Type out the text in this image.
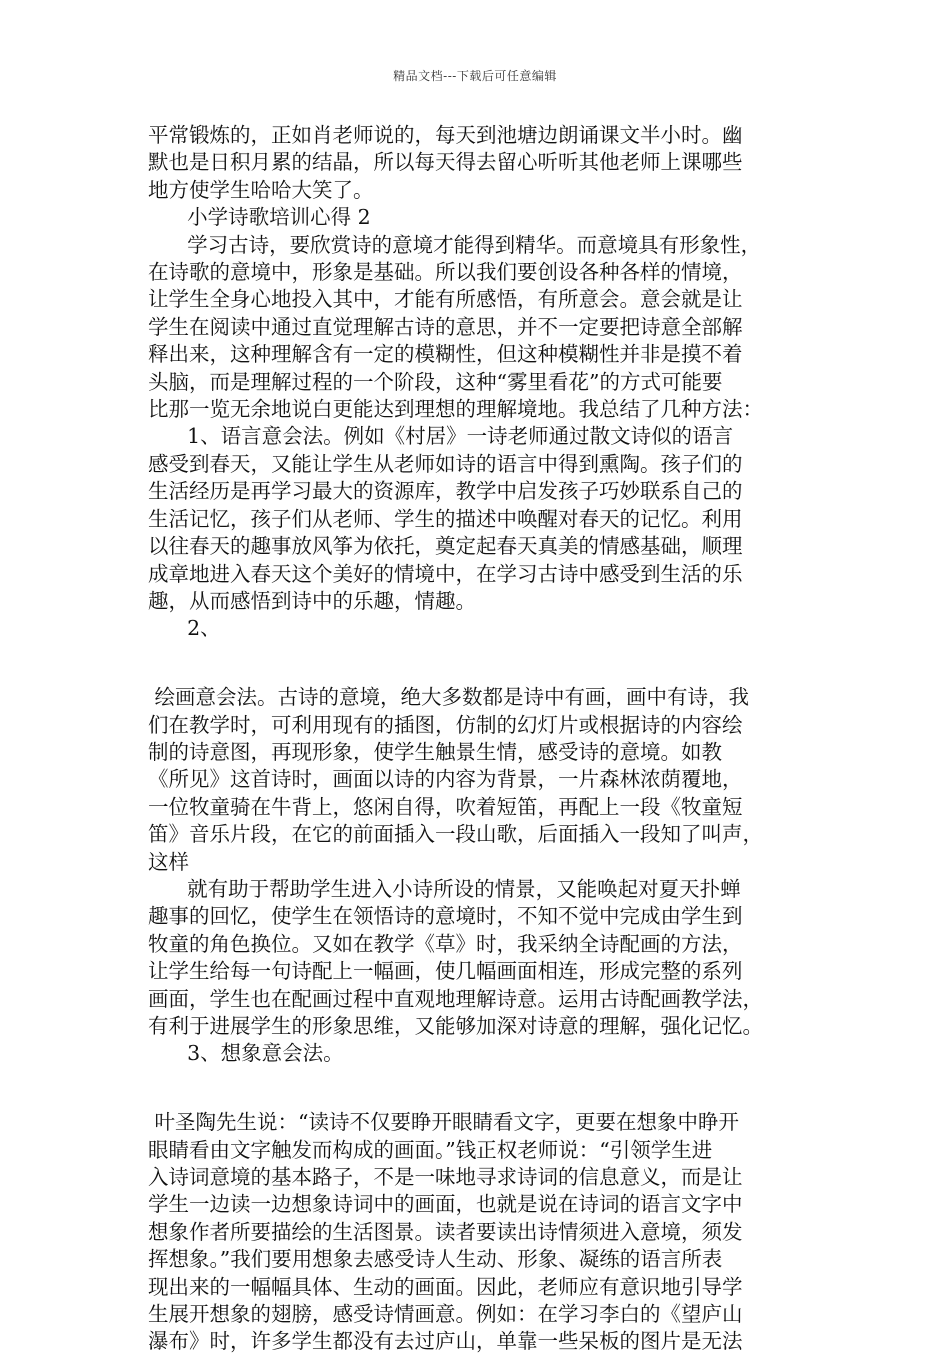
精品文档---下载后可任意编辑

平常锻炼的，正如肖老师说的，每天到池塘边朗诵课文半小时。幽

默也是日积月累的结晶，所以每天得去留心听听其他老师上课哪些

地方使学生哈哈大笑了。

小学诗歌培训心得 2

学习古诗，要欣赏诗的意境才能得到精华。而意境具有形象性，

在诗歌的意境中，形象是基础。所以我们要创设各种各样的情境，

让学生全身心地投入其中，才能有所感悟，有所意会。意会就是让

学生在阅读中通过直觉理解古诗的意思，并不一定要把诗意全部解

释出来，这种理解含有一定的模糊性，但这种模糊性并非是摸不着

头脑，而是理解过程的一个阶段，这种“雾里看花”的方式可能要

比那一览无余地说白更能达到理想的理解境地。我总结了几种方法：

1、语言意会法。例如《村居》一诗老师通过散文诗似的语言

感受到春天，又能让学生从老师如诗的语言中得到熏陶。孩子们的

生活经历是再学习最大的资源库，教学中启发孩子巧妙联系自己的

生活记忆，孩子们从老师、学生的描述中唤醒对春天的记忆。利用

以往春天的趣事放风筝为依托，奠定起春天真美的情感基础，顺理

成章地进入春天这个美好的情境中，在学习古诗中感受到生活的乐

趣，从而感悟到诗中的乐趣，情趣。

2、

绘画意会法。古诗的意境，绝大多数都是诗中有画，画中有诗，我

们在教学时，可利用现有的插图，仿制的幻灯片或根据诗的内容绘

制的诗意图，再现形象，使学生触景生情，感受诗的意境。如教

《所见》这首诗时，画面以诗的内容为背景，一片森林浓荫覆地，

一位牧童骑在牛背上，悠闲自得，吹着短笛，再配上一段《牧童短

笛》音乐片段，在它的前面插入一段山歌，后面插入一段知了叫声，

这样

就有助于帮助学生进入小诗所设的情景，又能唤起对夏天扑蝉

趣事的回忆，使学生在领悟诗的意境时，不知不觉中完成由学生到

牧童的角色换位。又如在教学《草》时，我采纳全诗配画的方法，

让学生给每一句诗配上一幅画，使几幅画面相连，形成完整的系列

画面，学生也在配画过程中直观地理解诗意。运用古诗配画教学法，

有利于进展学生的形象思维，又能够加深对诗意的理解，强化记忆。

3、想象意会法。

叶圣陶先生说：“读诗不仅要睁开眼睛看文字，更要在想象中睁开

眼睛看由文字触发而构成的画面。”钱正权老师说：“引领学生进

入诗词意境的基本路子，不是一味地寻求诗词的信息意义，而是让

学生一边读一边想象诗词中的画面，也就是说在诗词的语言文字中

想象作者所要描绘的生活图景。读者要读出诗情须进入意境，须发

挥想象。”我们要用想象去感受诗人生动、形象、凝练的语言所表

现出来的一幅幅具体、生动的画面。因此，老师应有意识地引导学

生展开想象的翅膀，感受诗情画意。例如：在学习李白的《望庐山

瀑布》时，许多学生都没有去过庐山，单靠一些呆板的图片是无法
